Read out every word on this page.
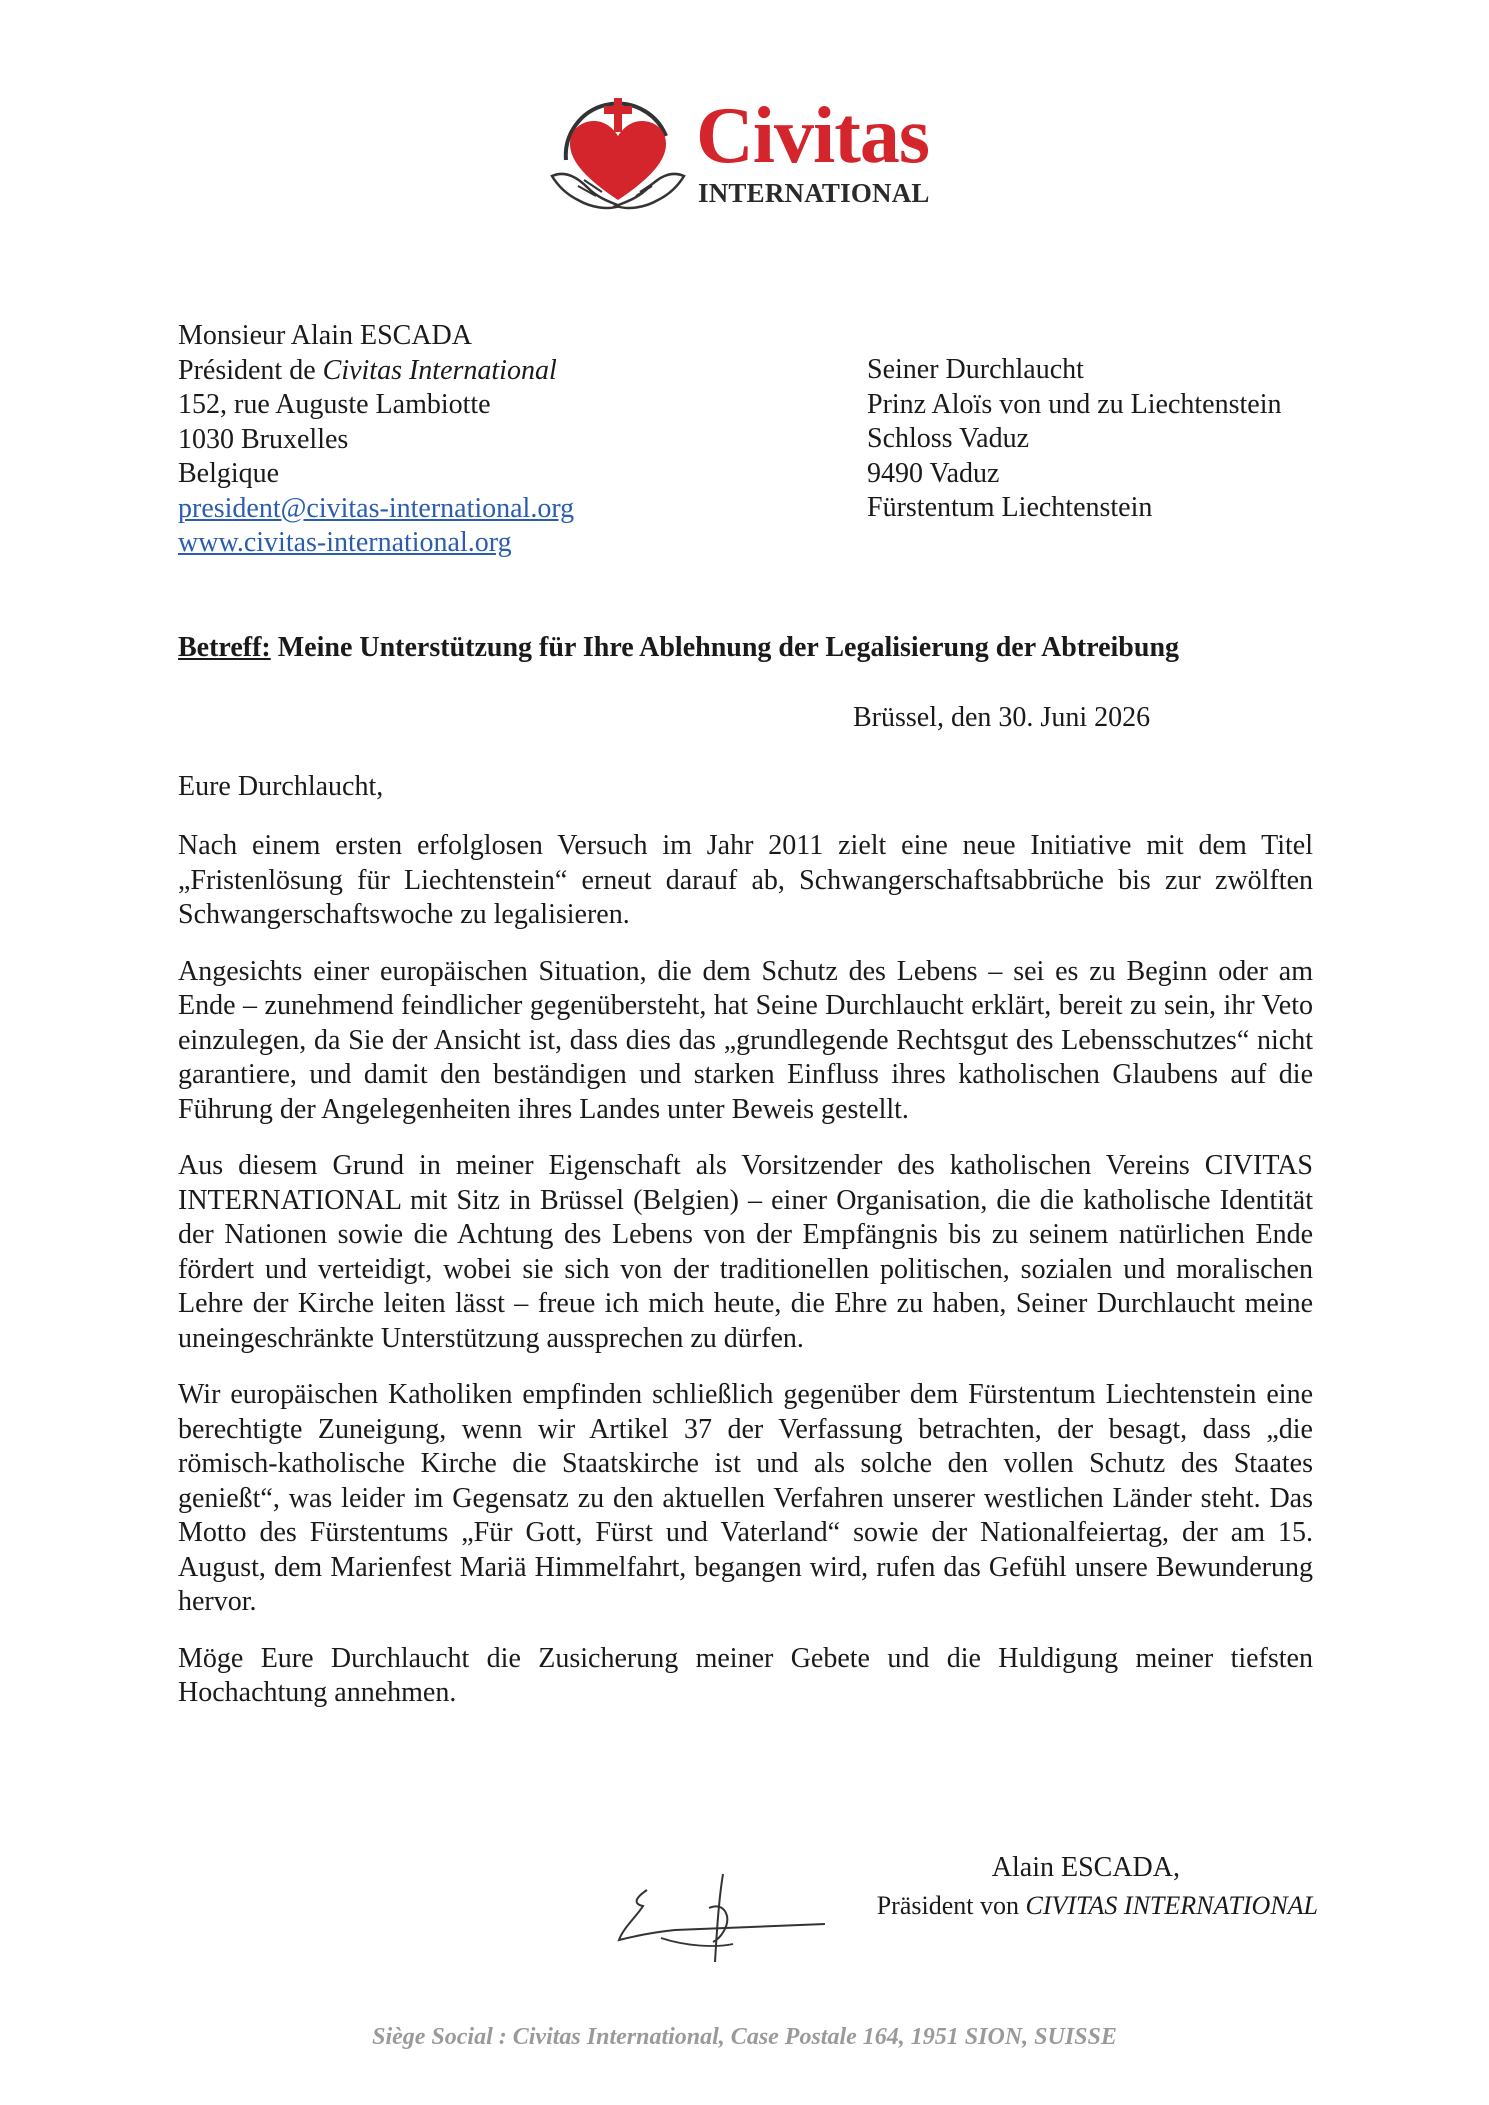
Civitas
INTERNATIONAL
Monsieur Alain ESCADA
Président de Civitas International
152, rue Auguste Lambiotte
1030 Bruxelles
Belgique
president@civitas-international.org
www.civitas-international.org
Seiner Durchlaucht
Prinz Aloïs von und zu Liechtenstein
Schloss Vaduz
9490 Vaduz
Fürstentum Liechtenstein
Betreff: Meine Unterstützung für Ihre Ablehnung der Legalisierung der Abtreibung
Brüssel, den 30. Juni 2026
Eure Durchlaucht,

Nach einem ersten erfolglosen Versuch im Jahr 2011 zielt eine neue Initiative mit dem Titel „Fristenlösung für Liechtenstein“ erneut darauf ab, Schwangerschaftsabbrüche bis zur zwölften Schwangerschaftswoche zu legalisieren.

Angesichts einer europäischen Situation, die dem Schutz des Lebens – sei es zu Beginn oder am Ende – zunehmend feindlicher gegenübersteht, hat Seine Durchlaucht erklärt, bereit zu sein, ihr Veto einzulegen, da Sie der Ansicht ist, dass dies das „grundlegende Rechtsgut des Lebensschutzes“ nicht garantiere, und damit den beständigen und starken Einfluss ihres katholischen Glaubens auf die Führung der Angelegenheiten ihres Landes unter Beweis gestellt.

Aus diesem Grund in meiner Eigenschaft als Vorsitzender des katholischen Vereins CIVITAS INTERNATIONAL mit Sitz in Brüssel (Belgien) – einer Organisation, die die katholische Identität der Nationen sowie die Achtung des Lebens von der Empfängnis bis zu seinem natürlichen Ende fördert und verteidigt, wobei sie sich von der traditionellen politischen, sozialen und moralischen Lehre der Kirche leiten lässt – freue ich mich heute, die Ehre zu haben, Seiner Durchlaucht meine uneingeschränkte Unterstützung aussprechen zu dürfen.

Wir europäischen Katholiken empfinden schließlich gegenüber dem Fürstentum Liechtenstein eine berechtigte Zuneigung, wenn wir Artikel 37 der Verfassung betrachten, der besagt, dass „die römisch-katholische Kirche die Staatskirche ist und als solche den vollen Schutz des Staates genießt“, was leider im Gegensatz zu den aktuellen Verfahren unserer westlichen Länder steht. Das Motto des Fürstentums „Für Gott, Fürst und Vaterland“ sowie der Nationalfeiertag, der am 15. August, dem Marienfest Mariä Himmelfahrt, begangen wird, rufen das Gefühl unsere Bewunderung hervor.

Möge Eure Durchlaucht die Zusicherung meiner Gebete und die Huldigung meiner tiefsten Hochachtung annehmen.

Alain ESCADA,
Präsident von CIVITAS INTERNATIONAL
Siège Social : Civitas International, Case Postale 164, 1951 SION, SUISSE
